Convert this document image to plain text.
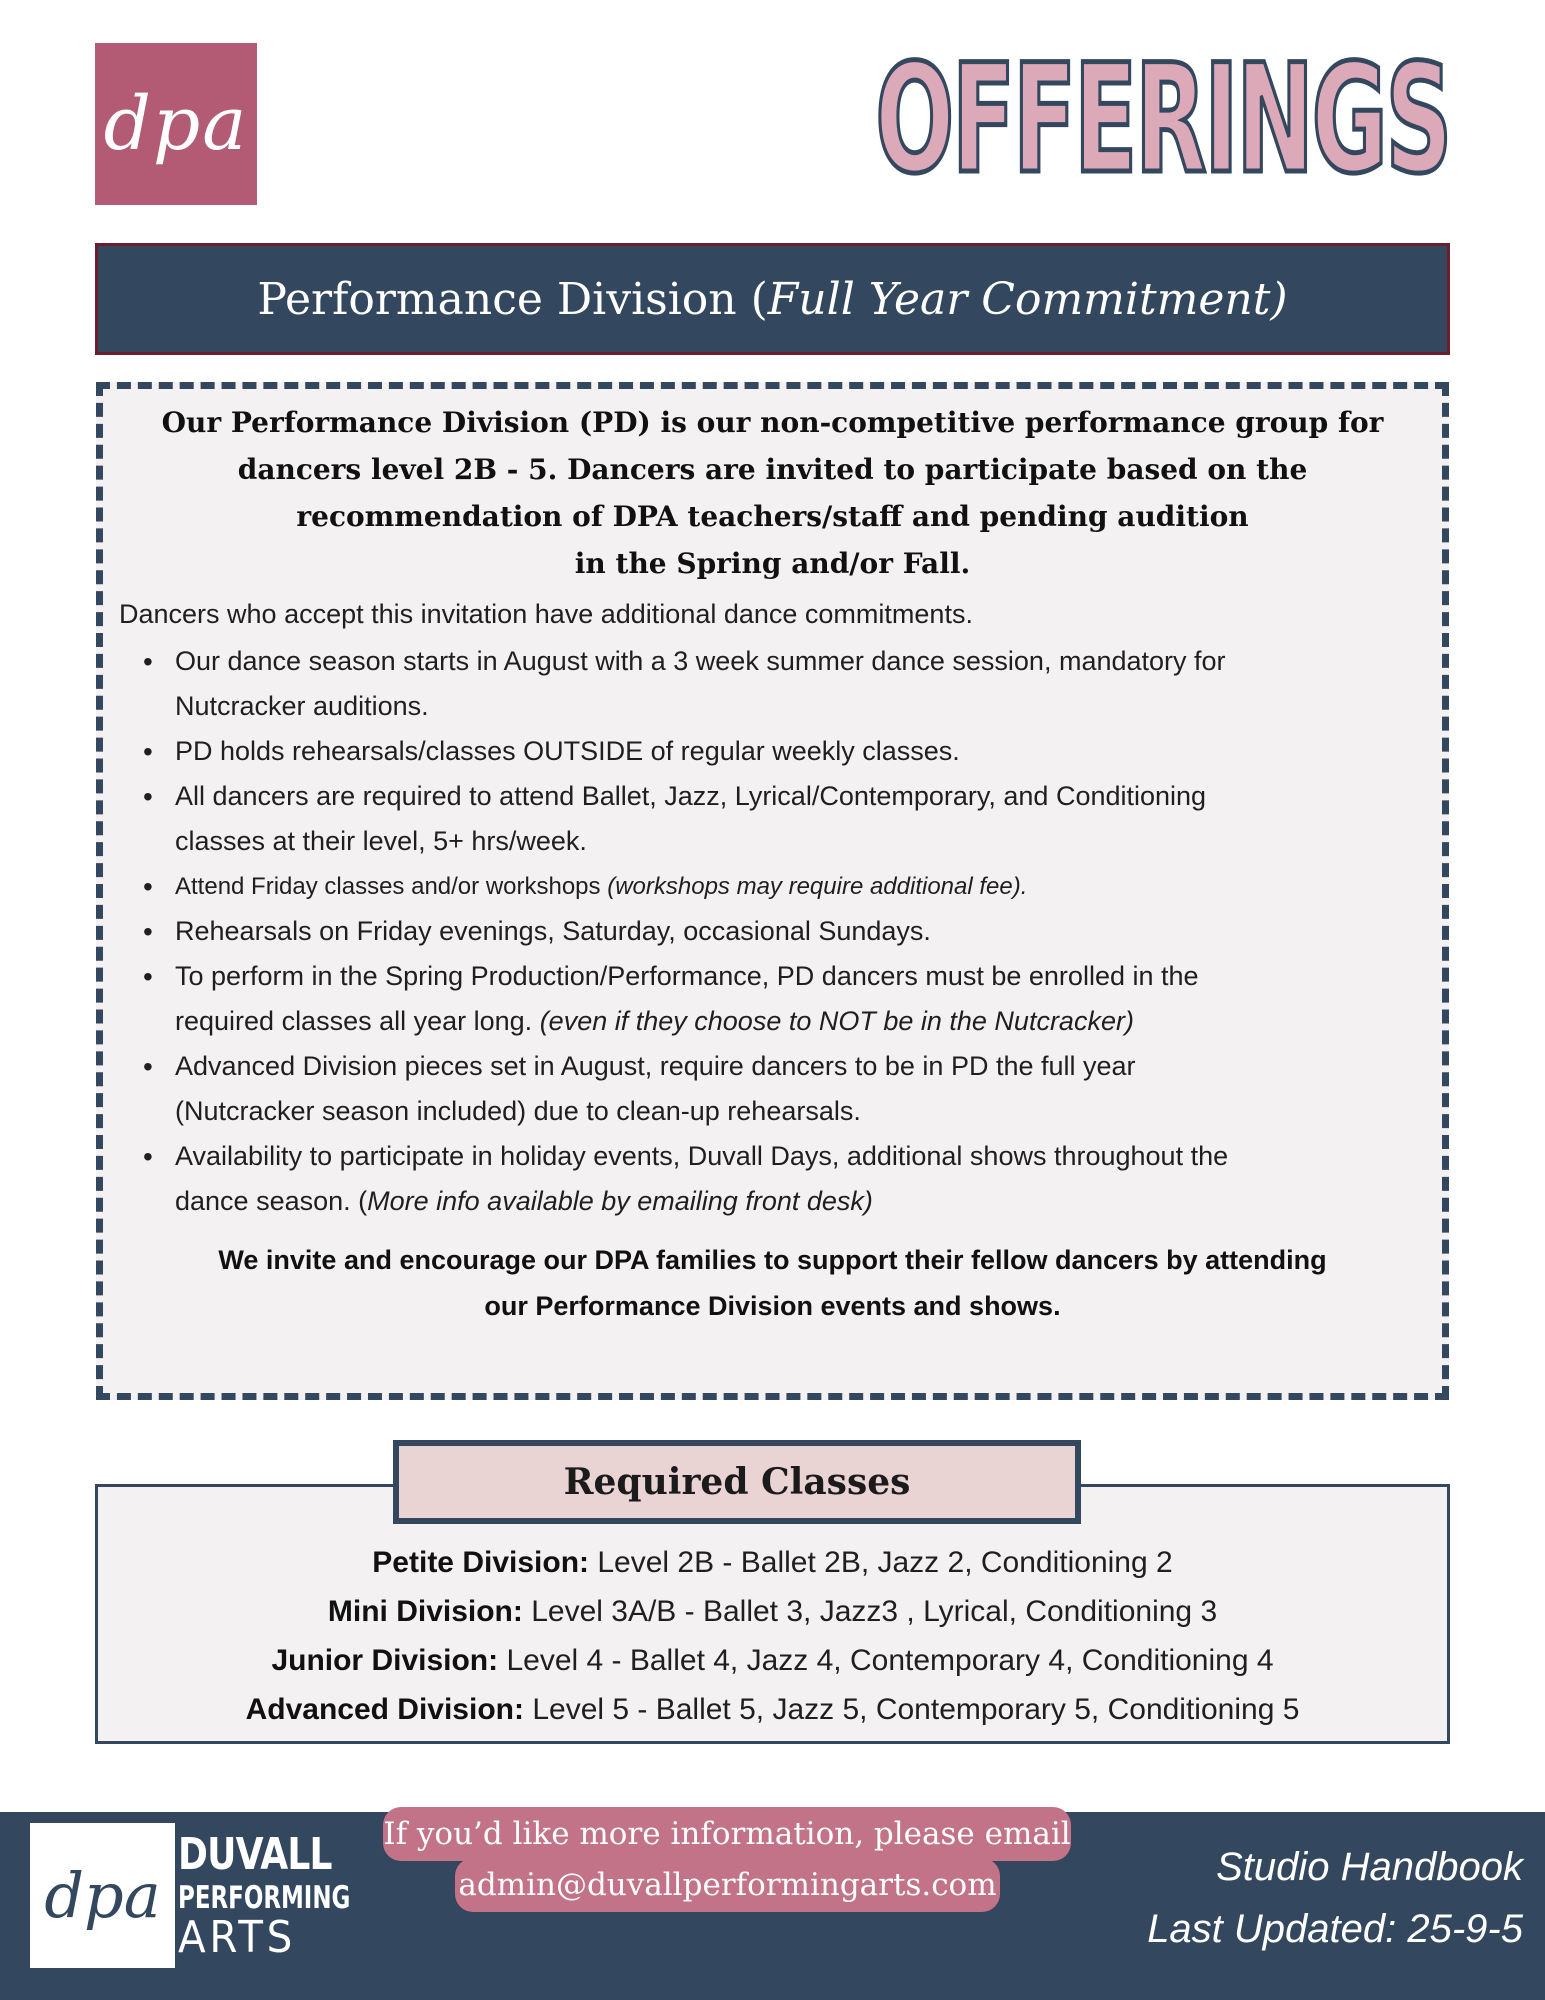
dpa	OFFERINGS
Performance Division (Full Year Commitment)

Our Performance Division (PD) is our non-competitive performance group for
dancers level 2B - 5. Dancers are invited to participate based on the
recommendation of DPA teachers/staff and pending audition
in the Spring and/or Fall.

Dancers who accept this invitation have additional dance commitments.

• Our dance season starts in August with a 3 week summer dance session, mandatory for
Nutcracker auditions.
• PD holds rehearsals/classes OUTSIDE of regular weekly classes.
• All dancers are required to attend Ballet, Jazz, Lyrical/Contemporary, and Conditioning
classes at their level, 5+ hrs/week.
• Attend Friday classes and/or workshops (workshops may require additional fee).
• Rehearsals on Friday evenings, Saturday, occasional Sundays.
• To perform in the Spring Production/Performance, PD dancers must be enrolled in the
required classes all year long. (even if they choose to NOT be in the Nutcracker)
• Advanced Division pieces set in August, require dancers to be in PD the full year
(Nutcracker season included) due to clean-up rehearsals.
• Availability to participate in holiday events, Duvall Days, additional shows throughout the
dance season. (More info available by emailing front desk)

We invite and encourage our DPA families to support their fellow dancers by attending
our Performance Division events and shows.

Required Classes
Petite Division: Level 2B - Ballet 2B, Jazz 2, Conditioning 2
Mini Division: Level 3A/B - Ballet 3, Jazz3 , Lyrical, Conditioning 3
Junior Division: Level 4 - Ballet 4, Jazz 4, Contemporary 4, Conditioning 4
Advanced Division: Level 5 - Ballet 5, Jazz 5, Contemporary 5, Conditioning 5
dpa
DUVALL
PERFORMING
ARTS
If you’d like more information, please email
admin@duvallperformingarts.com	Studio Handbook
Last Updated: 25-9-5
